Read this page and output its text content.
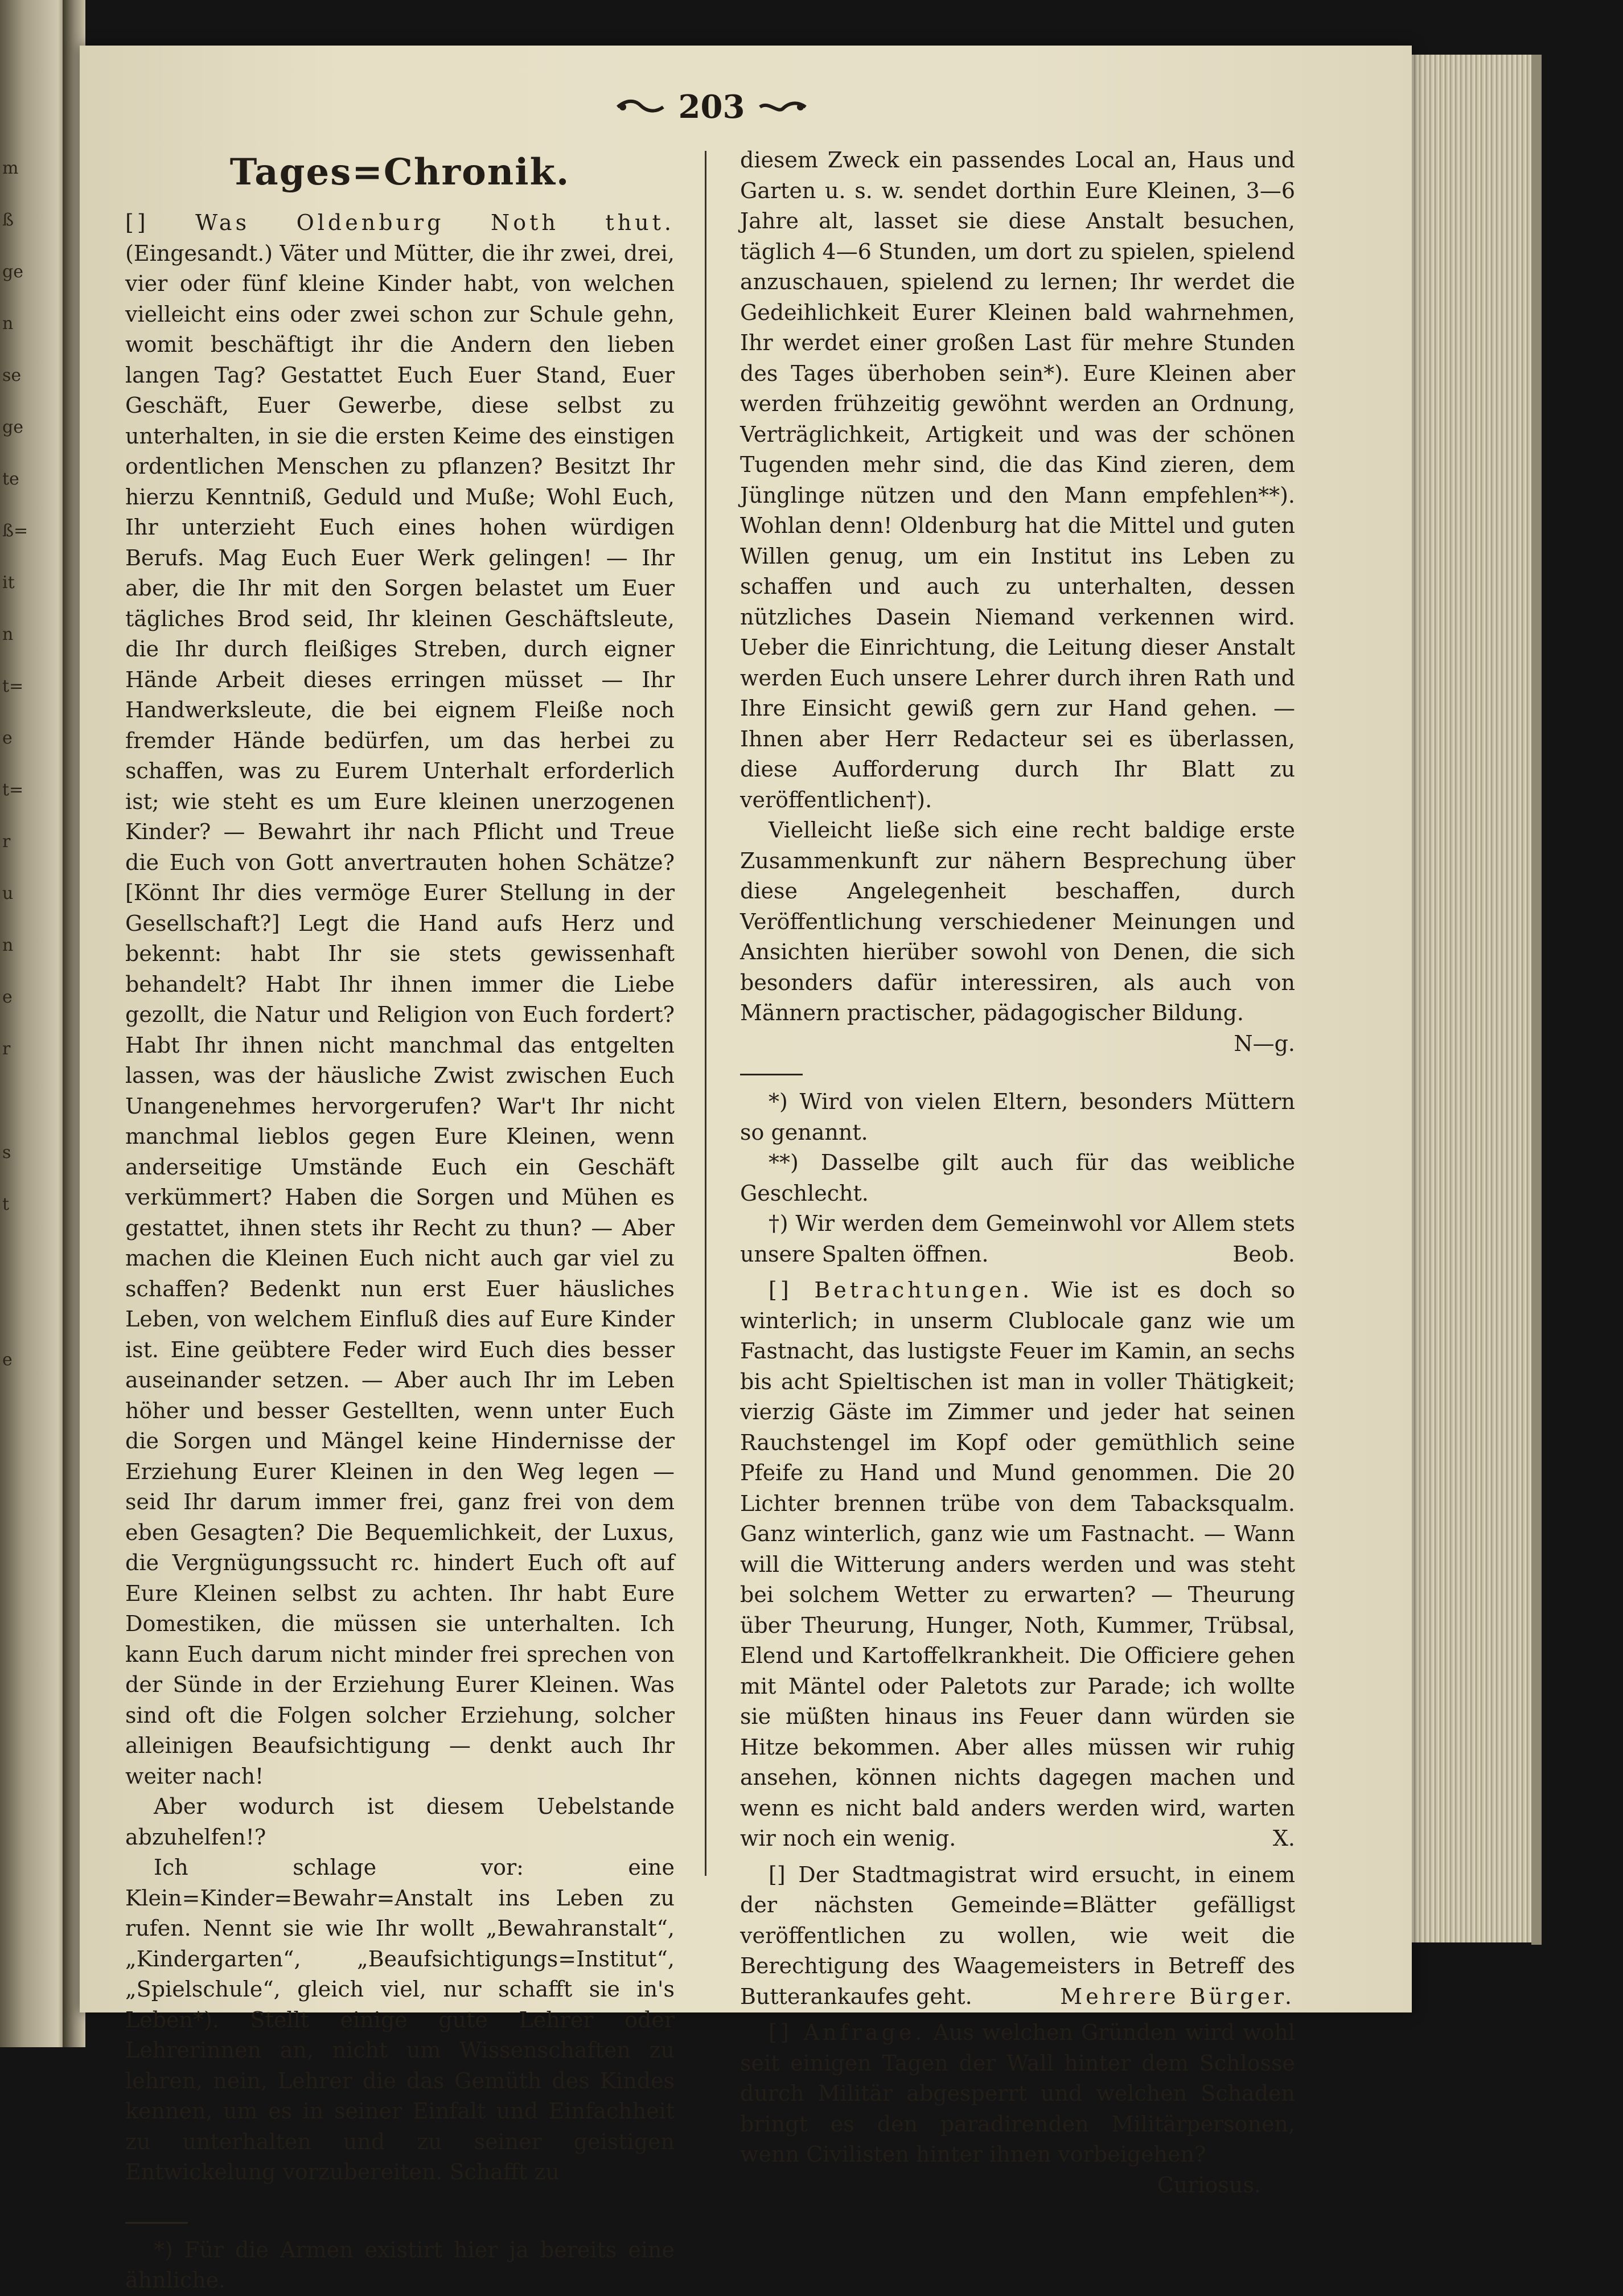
m
ß
ge
n
se
ge
te
ß=
it
n
t=
e
t=
r
u
n
e
r
s
t
e
203
Tages=Chronik.

[] Was Oldenburg Noth thut. (Eingesandt.) Väter und Mütter, die ihr zwei, drei, vier oder fünf kleine Kinder habt, von welchen vielleicht eins oder zwei schon zur Schule gehn, womit beschäftigt ihr die Andern den lieben langen Tag? Gestattet Euch Euer Stand, Euer Geschäft, Euer Gewerbe, diese selbst zu unterhalten, in sie die ersten Keime des einstigen ordentlichen Menschen zu pflanzen? Besitzt Ihr hierzu Kenntniß, Geduld und Muße; Wohl Euch, Ihr unterzieht Euch eines hohen würdigen Berufs. Mag Euch Euer Werk gelingen! — Ihr aber, die Ihr mit den Sorgen belastet um Euer tägliches Brod seid, Ihr kleinen Geschäftsleute, die Ihr durch fleißiges Streben, durch eigner Hände Arbeit dieses erringen müsset — Ihr Handwerksleute, die bei eignem Fleiße noch fremder Hände bedürfen, um das herbei zu schaffen, was zu Eurem Unterhalt erforderlich ist; wie steht es um Eure kleinen unerzogenen Kinder? — Bewahrt ihr nach Pflicht und Treue die Euch von Gott anvertrauten hohen Schätze? [Könnt Ihr dies vermöge Eurer Stellung in der Gesellschaft?] Legt die Hand aufs Herz und bekennt: habt Ihr sie stets gewissenhaft behandelt? Habt Ihr ihnen immer die Liebe gezollt, die Natur und Religion von Euch fordert? Habt Ihr ihnen nicht manchmal das entgelten lassen, was der häusliche Zwist zwischen Euch Unangenehmes hervorgerufen? War't Ihr nicht manchmal lieblos gegen Eure Kleinen, wenn anderseitige Umstände Euch ein Geschäft verkümmert? Haben die Sorgen und Mühen es gestattet, ihnen stets ihr Recht zu thun? — Aber machen die Kleinen Euch nicht auch gar viel zu schaffen? Bedenkt nun erst Euer häusliches Leben, von welchem Einfluß dies auf Eure Kinder ist. Eine geübtere Feder wird Euch dies besser auseinander setzen. — Aber auch Ihr im Leben höher und besser Gestellten, wenn unter Euch die Sorgen und Mängel keine Hindernisse der Erziehung Eurer Kleinen in den Weg legen — seid Ihr darum immer frei, ganz frei von dem eben Gesagten? Die Bequemlichkeit, der Luxus, die Vergnügungssucht rc. hindert Euch oft auf Eure Kleinen selbst zu achten. Ihr habt Eure Domestiken, die müssen sie unterhalten. Ich kann Euch darum nicht minder frei sprechen von der Sünde in der Erziehung Eurer Kleinen. Was sind oft die Folgen solcher Erziehung, solcher alleinigen Beaufsichtigung — denkt auch Ihr weiter nach!

Aber wodurch ist diesem Uebelstande abzuhelfen!?

Ich schlage vor: eine Klein=Kinder=Bewahr=Anstalt ins Leben zu rufen. Nennt sie wie Ihr wollt „Bewahranstalt“, „Kindergarten“, „Beaufsichtigungs=Institut“, „Spielschule“, gleich viel, nur schafft sie in's Leben*). Stellt einige gute Lehrer oder Lehrerinnen an, nicht um Wissenschaften zu lehren, nein, Lehrer die das Gemüth des Kindes kennen, um es in seiner Einfalt und Einfachheit zu unterhalten und zu seiner geistigen Entwickelung vorzubereiten. Schafft zu

*) Für die Armen existirt hier ja bereits eine ähnliche.

diesem Zweck ein passendes Local an, Haus und Garten u. s. w. sendet dorthin Eure Kleinen, 3—6 Jahre alt, lasset sie diese Anstalt besuchen, täglich 4—6 Stunden, um dort zu spielen, spielend anzuschauen, spielend zu lernen; Ihr werdet die Gedeihlichkeit Eurer Kleinen bald wahrnehmen, Ihr werdet einer großen Last für mehre Stunden des Tages überhoben sein*). Eure Kleinen aber werden frühzeitig gewöhnt werden an Ordnung, Verträglichkeit, Artigkeit und was der schönen Tugenden mehr sind, die das Kind zieren, dem Jünglinge nützen und den Mann empfehlen**). Wohlan denn! Oldenburg hat die Mittel und guten Willen genug, um ein Institut ins Leben zu schaffen und auch zu unterhalten, dessen nützliches Dasein Niemand verkennen wird. Ueber die Einrichtung, die Leitung dieser Anstalt werden Euch unsere Lehrer durch ihren Rath und Ihre Einsicht gewiß gern zur Hand gehen. — Ihnen aber Herr Redacteur sei es überlassen, diese Aufforderung durch Ihr Blatt zu veröffentlichen†).

Vielleicht ließe sich eine recht baldige erste Zusammenkunft zur nähern Besprechung über diese Angelegenheit beschaffen, durch Veröffentlichung verschiedener Meinungen und Ansichten hierüber sowohl von Denen, die sich besonders dafür interessiren, als auch von Männern practischer, pädagogischer Bildung.
N—g.

*) Wird von vielen Eltern, besonders Müttern so genannt.

**) Dasselbe gilt auch für das weibliche Geschlecht.

†) Wir werden dem Gemeinwohl vor Allem stets unsere Spalten öffnen.	Beob.

[] Betrachtungen. Wie ist es doch so winterlich; in unserm Clublocale ganz wie um Fastnacht, das lustigste Feuer im Kamin, an sechs bis acht Spieltischen ist man in voller Thätigkeit; vierzig Gäste im Zimmer und jeder hat seinen Rauchstengel im Kopf oder gemüthlich seine Pfeife zu Hand und Mund genommen. Die 20 Lichter brennen trübe von dem Tabacksqualm. Ganz winterlich, ganz wie um Fastnacht. — Wann will die Witterung anders werden und was steht bei solchem Wetter zu erwarten? — Theurung über Theurung, Hunger, Noth, Kummer, Trübsal, Elend und Kartoffelkrankheit. Die Officiere gehen mit Mäntel oder Paletots zur Parade; ich wollte sie müßten hinaus ins Feuer dann würden sie Hitze bekommen. Aber alles müssen wir ruhig ansehen, können nichts dagegen machen und wenn es nicht bald anders werden wird, warten wir noch ein wenig.	X.

[] Der Stadtmagistrat wird ersucht, in einem der nächsten Gemeinde=Blätter gefälligst veröffentlichen zu wollen, wie weit die Berechtigung des Waagemeisters in Betreff des Butterankaufes geht.	Mehrere Bürger.

[] Anfrage. Aus welchen Gründen wird wohl seit einigen Tagen der Wall hinter dem Schlosse durch Militär abgesperrt und welchen Schaden bringt es den paradirenden Militärpersonen, wenn Civilisten hinter ihnen vorbeigehen?

Curiosus.
